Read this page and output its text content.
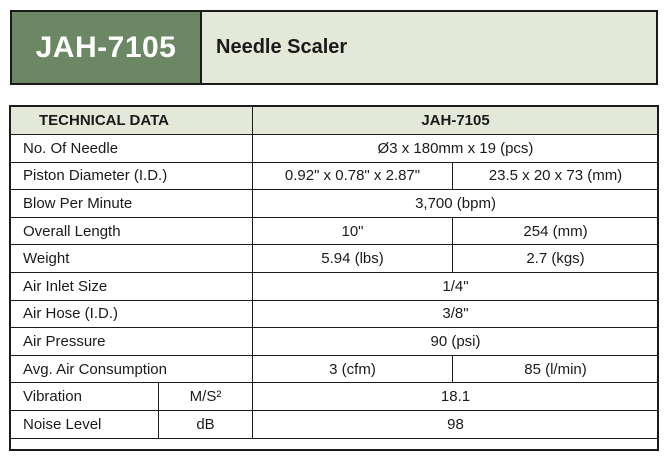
JAH-7105 Needle Scaler
TECHNICAL DATA		JAH-7105	
No. Of Needle		Ø3 x 180mm x 19 (pcs)	
Piston Diameter (I.D.)		0.92" x 0.78" x 2.87"	23.5 x 20 x 73 (mm)
Blow Per Minute		3,700 (bpm)	
Overall Length		10"	254 (mm)
Weight		5.94 (lbs)	2.7 (kgs)
Air Inlet Size		1/4"	
Air Hose (I.D.)		3/8"	
Air Pressure		90 (psi)	
Avg. Air Consumption		3 (cfm)	85 (l/min)
Vibration	M/S²	18.1	
Noise Level	dB	98	
